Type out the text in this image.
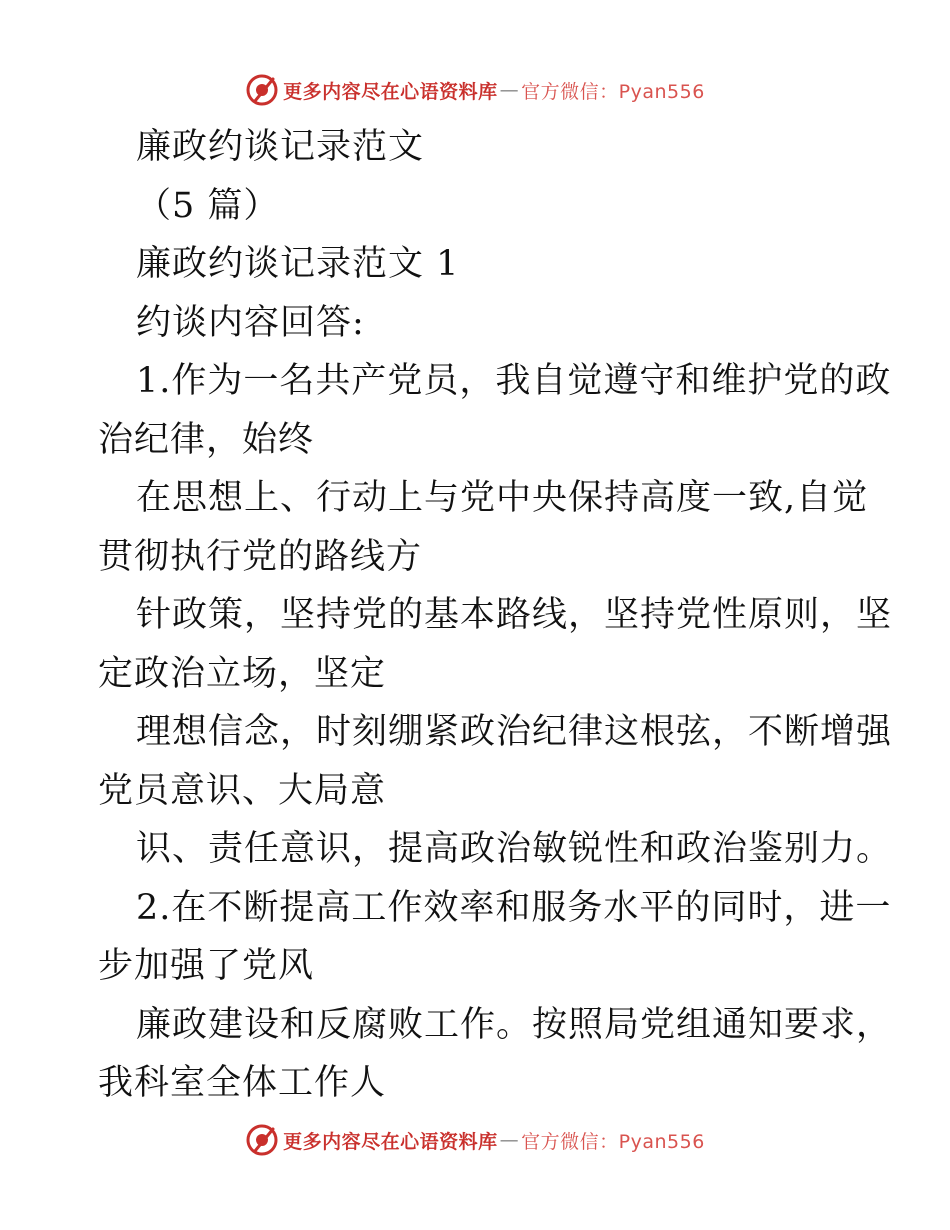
更多内容尽在心语资料库 — 官方微信：Pyan556
廉政约谈记录范文
（5 篇）
廉政约谈记录范文 1
约谈内容回答:
1.作为一名共产党员，我自觉遵守和维护党的政
治纪律，始终
在思想上、行动上与党中央保持高度一致,自觉
贯彻执行党的路线方
针政策，坚持党的基本路线，坚持党性原则，坚
定政治立场，坚定
理想信念，时刻绷紧政治纪律这根弦，不断增强
党员意识、大局意
识、责任意识，提高政治敏锐性和政治鉴别力。
2.在不断提高工作效率和服务水平的同时，进一
步加强了党风
廉政建设和反腐败工作。按照局党组通知要求，
我科室全体工作人
更多内容尽在心语资料库 — 官方微信：Pyan556
